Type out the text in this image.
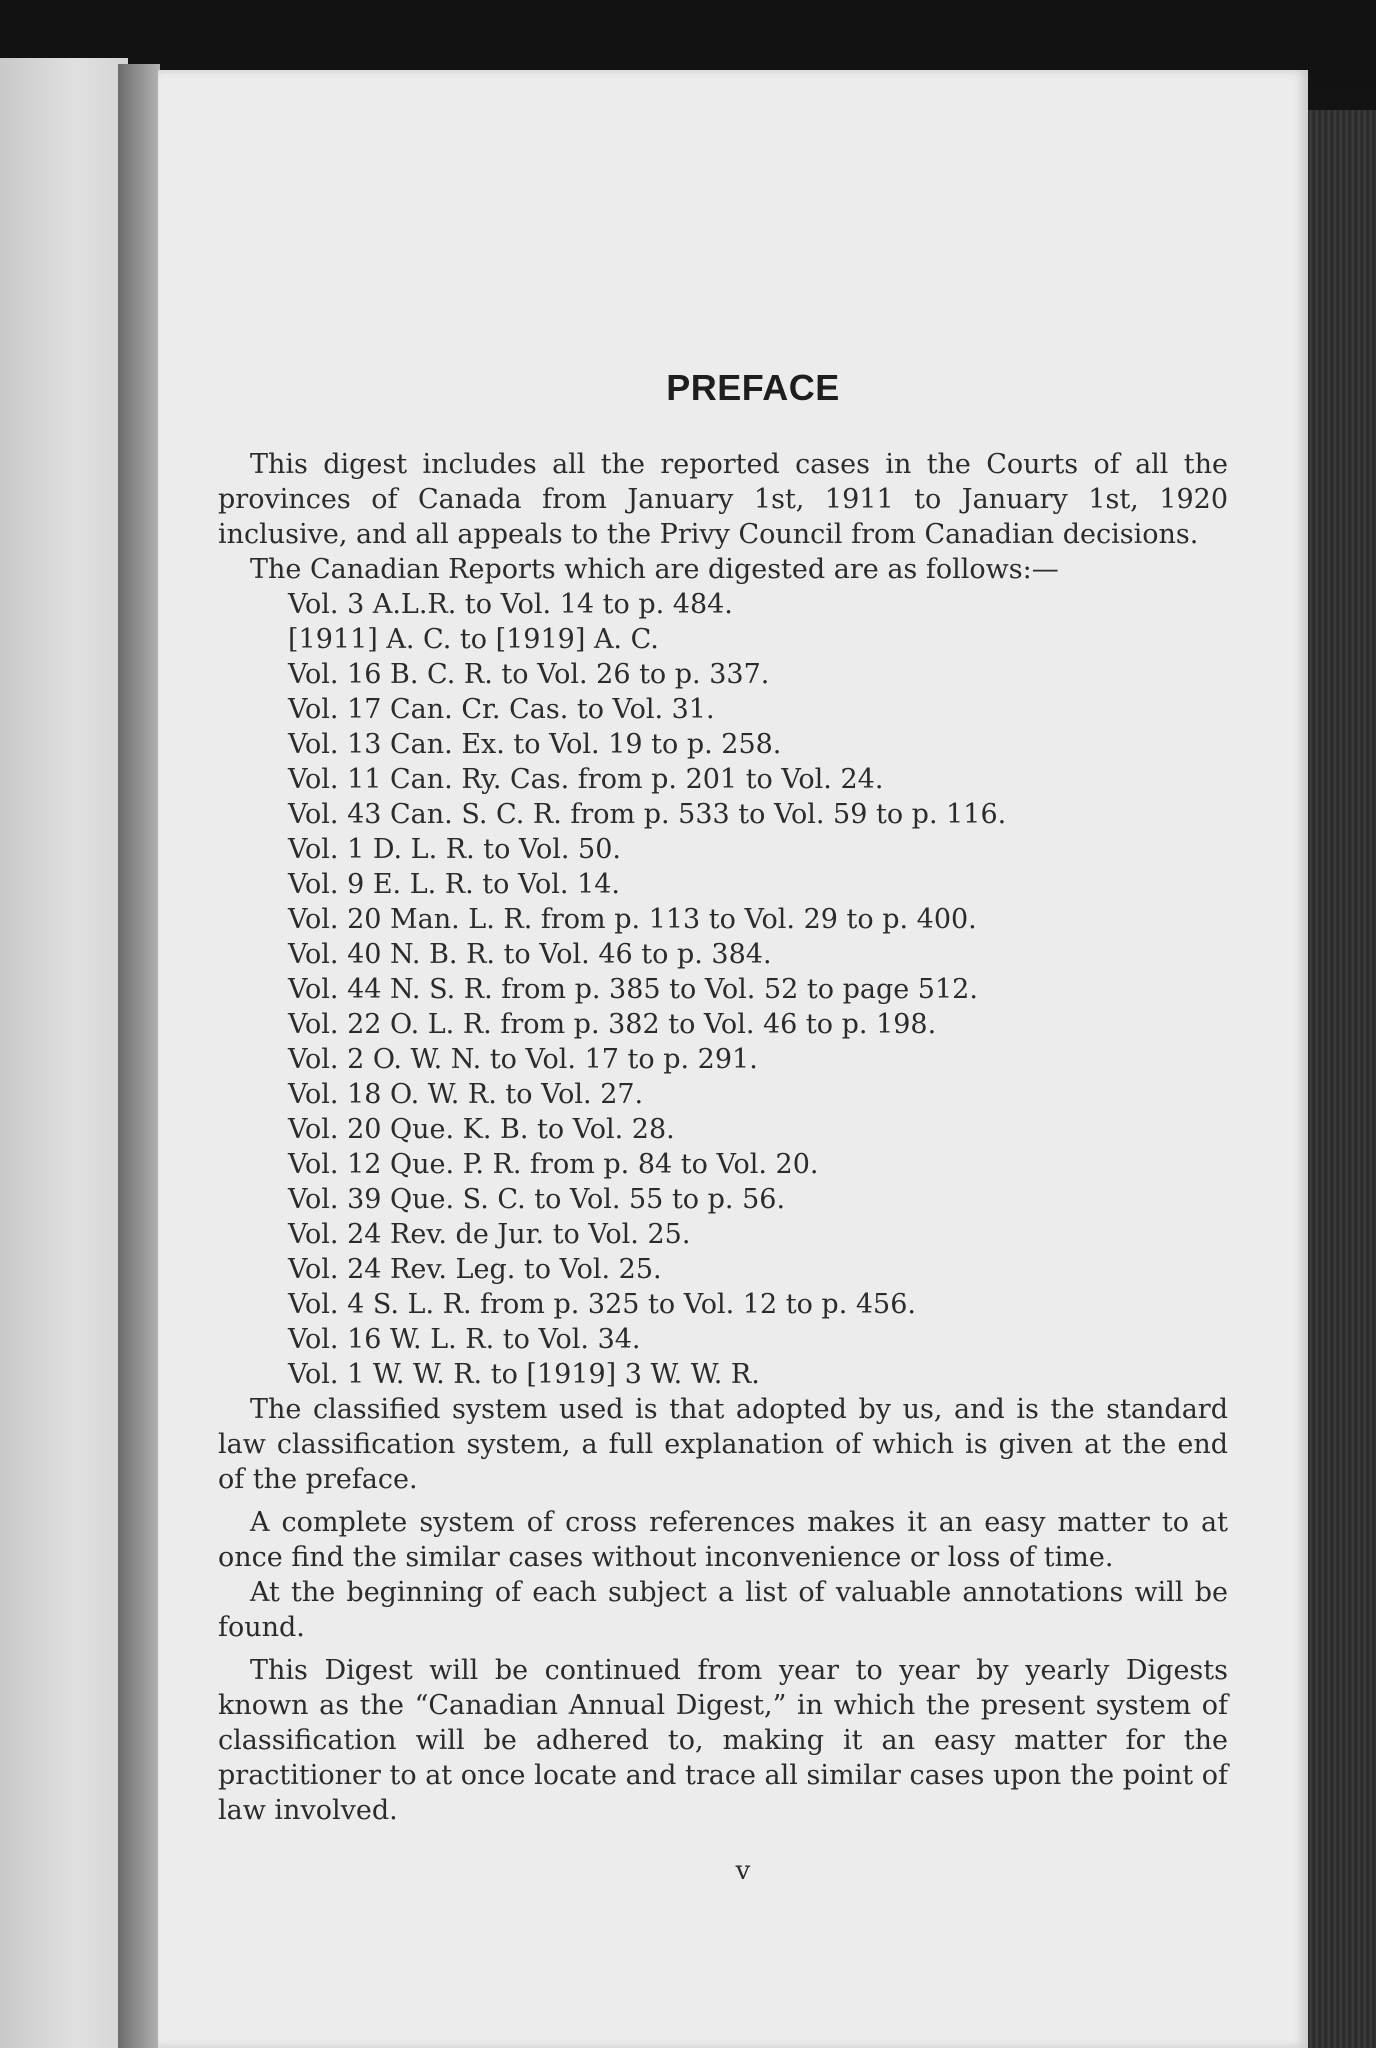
PREFACE

This digest includes all the reported cases in the Courts of all the provinces of Canada from January 1st, 1911 to January 1st, 1920 inclusive, and all appeals to the Privy Council from Canadian decisions.

The Canadian Reports which are digested are as follows:—

Vol. 3 A.L.R. to Vol. 14 to p. 484.
[1911] A. C. to [1919] A. C.
Vol. 16 B. C. R. to Vol. 26 to p. 337.
Vol. 17 Can. Cr. Cas. to Vol. 31.
Vol. 13 Can. Ex. to Vol. 19 to p. 258.
Vol. 11 Can. Ry. Cas. from p. 201 to Vol. 24.
Vol. 43 Can. S. C. R. from p. 533 to Vol. 59 to p. 116.
Vol. 1 D. L. R. to Vol. 50.
Vol. 9 E. L. R. to Vol. 14.
Vol. 20 Man. L. R. from p. 113 to Vol. 29 to p. 400.
Vol. 40 N. B. R. to Vol. 46 to p. 384.
Vol. 44 N. S. R. from p. 385 to Vol. 52 to page 512.
Vol. 22 O. L. R. from p. 382 to Vol. 46 to p. 198.
Vol. 2 O. W. N. to Vol. 17 to p. 291.
Vol. 18 O. W. R. to Vol. 27.
Vol. 20 Que. K. B. to Vol. 28.
Vol. 12 Que. P. R. from p. 84 to Vol. 20.
Vol. 39 Que. S. C. to Vol. 55 to p. 56.
Vol. 24 Rev. de Jur. to Vol. 25.
Vol. 24 Rev. Leg. to Vol. 25.
Vol. 4 S. L. R. from p. 325 to Vol. 12 to p. 456.
Vol. 16 W. L. R. to Vol. 34.
Vol. 1 W. W. R. to [1919] 3 W. W. R.

The classified system used is that adopted by us, and is the standard law classification system, a full explanation of which is given at the end of the preface.

A complete system of cross references makes it an easy matter to at once find the similar cases without inconvenience or loss of time.

At the beginning of each subject a list of valuable annotations will be found.

This Digest will be continued from year to year by yearly Digests known as the “Canadian Annual Digest,” in which the present system of classification will be adhered to, making it an easy matter for the practitioner to at once locate and trace all similar cases upon the point of law involved.

v
